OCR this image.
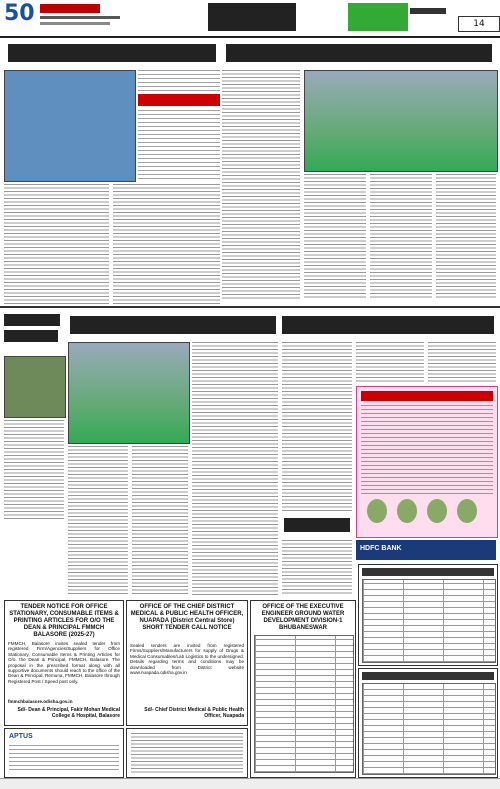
50	14
HDFC BANK
TENDER NOTICE FOR OFFICE STATIONARY, CONSUMABLE ITEMS & PRINTING ARTICLES FOR O/O THE DEAN & PRINCIPAL FMMCH BALASORE (2025-27)
FMMCH, Balasore invites sealed tender from registered Firm/Agencies/Suppliers for Office Stationary, Consumable Items & Printing Articles for O/o. the Dean & Principal, FMMCH, Balasore. The proposal in the prescribed format along with all supportive documents should reach to the office of the Dean & Principal, Remuna, FMMCH, Balasore through Registered Post / Speed post only.
fmmchbalasore.odisha.gov.in
Sd/- Dean & Principal, Fakir Mohan Medical College & Hospital, Balasore
OFFICE OF THE CHIEF DISTRICT MEDICAL & PUBLIC HEALTH OFFICER, NUAPADA (District Central Store) SHORT TENDER CALL NOTICE
Sealed tenders are invited from registered Firms/Suppliers/Manufacturers for supply of Drugs & Medical Consumables/Lab Logistics to the undersigned. Details regarding terms and conditions may be downloaded from District website www.nuapada.odisha.gov.in
Sd/- Chief District Medical & Public Health Officer, Nuapada
OFFICE OF THE EXECUTIVE ENGINEER GROUND WATER DEVELOPMENT DIVISION-1 BHUBANESWAR
APTUS
